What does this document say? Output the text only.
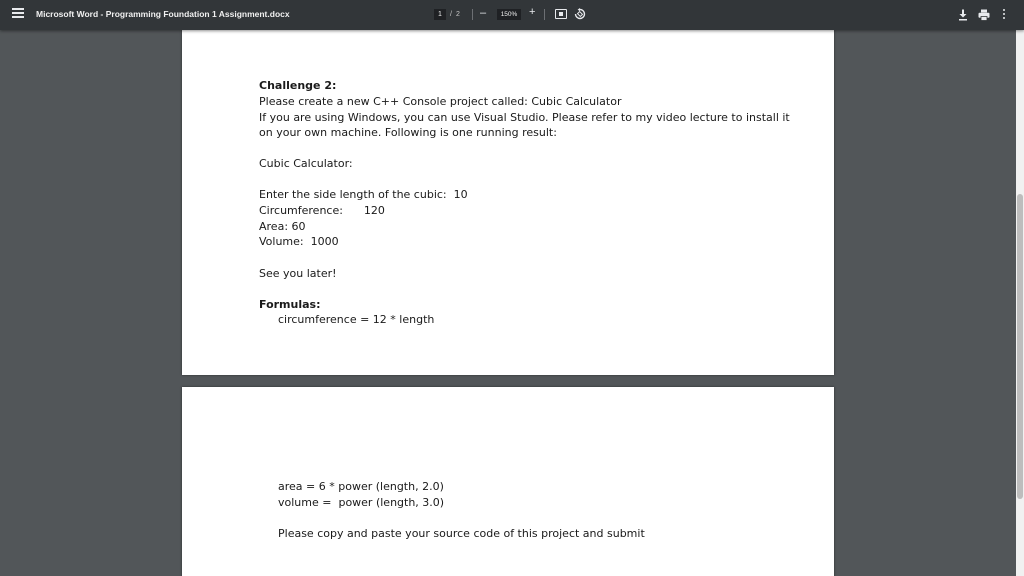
Microsoft Word - Programming Foundation 1 Assignment.docx	1	/ 2 –	150%	+
Challenge 2:
Please create a new C++ Console project called: Cubic Calculator
If you are using Windows, you can use Visual Studio. Please refer to my video lecture to install it
on your own machine. Following is one running result:
Cubic Calculator:
Enter the side length of the cubic:  10
Circumference:      120
Area: 60
Volume:  1000
See you later!
Formulas:
circumference = 12 * length
area = 6 * power (length, 2.0)
volume =  power (length, 3.0)
Please copy and paste your source code of this project and submit
